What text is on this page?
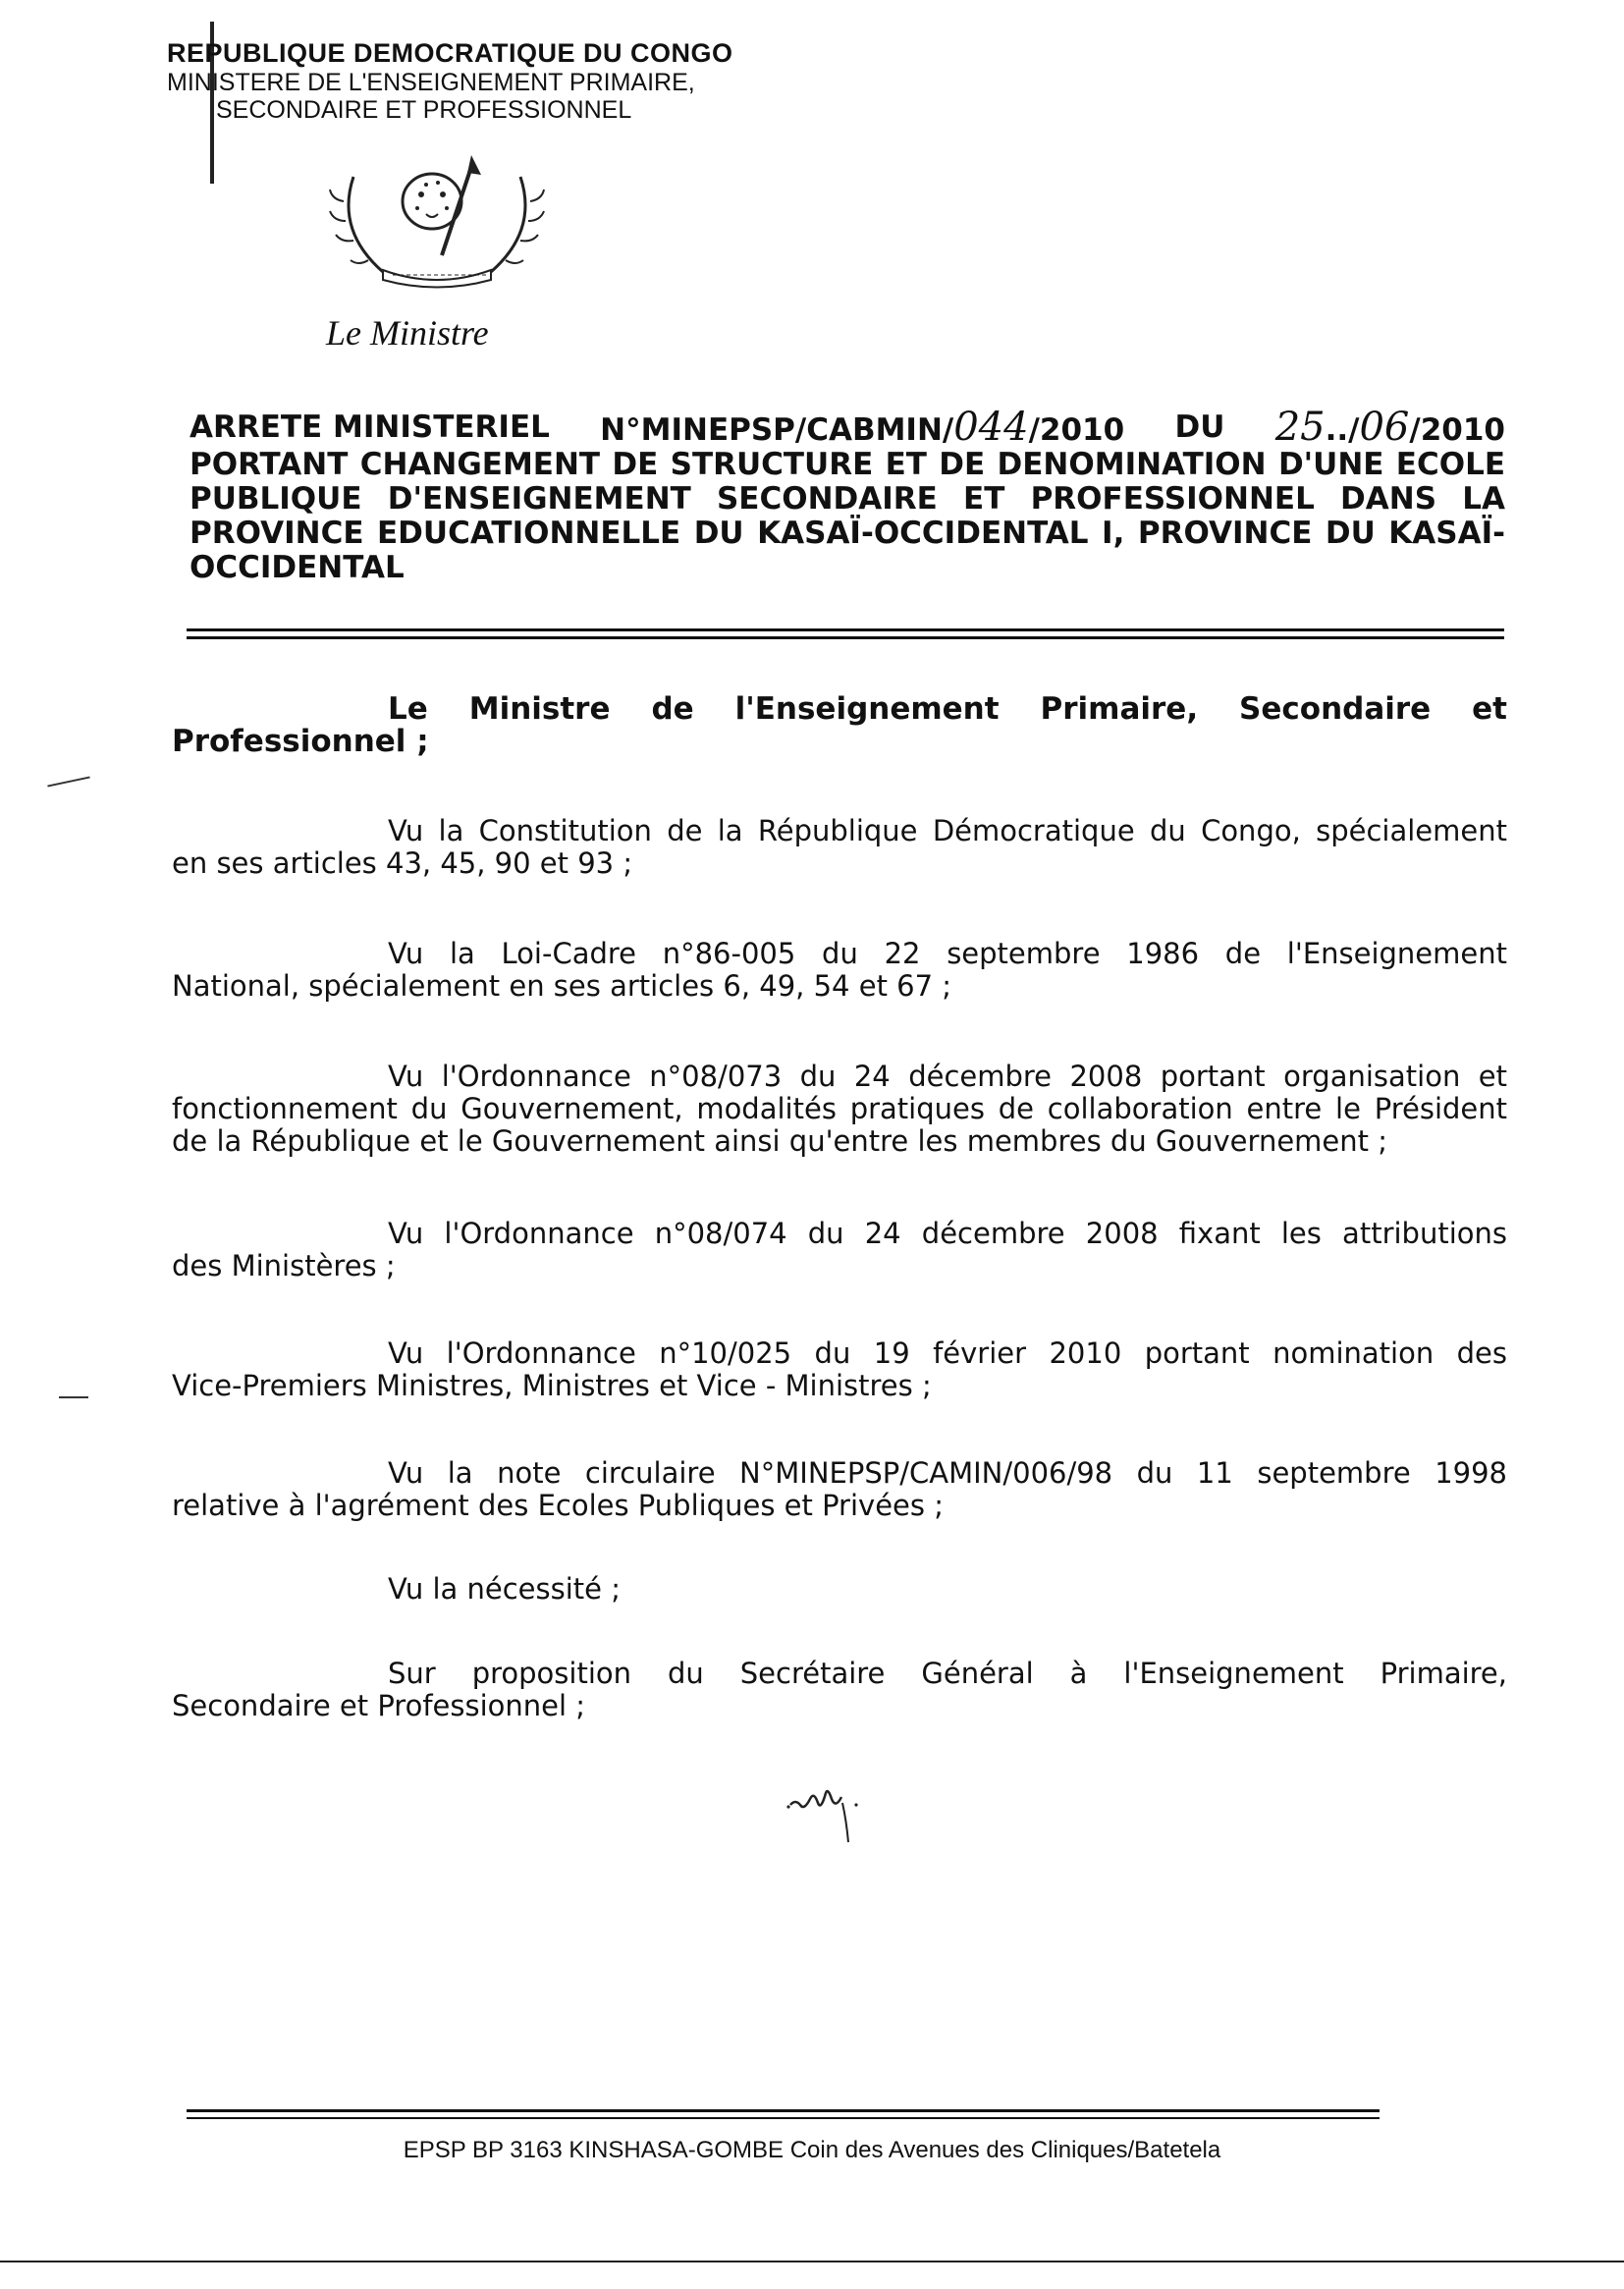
REPUBLIQUE DEMOCRATIQUE DU CONGO
MINISTERE DE L'ENSEIGNEMENT PRIMAIRE,
SECONDAIRE ET PROFESSIONNEL
Le Ministre
ARRETE MINISTERIEL N°MINEPSP/CABMIN/044/2010 DU 25../06/2010
PORTANT CHANGEMENT DE STRUCTURE ET DE DENOMINATION D'UNE ECOLE
PUBLIQUE D'ENSEIGNEMENT SECONDAIRE ET PROFESSIONNEL DANS LA
PROVINCE EDUCATIONNELLE DU KASAÏ-OCCIDENTAL I, PROVINCE DU KASAÏ-
OCCIDENTAL
Le Ministre de l'Enseignement Primaire, Secondaire et
Professionnel ;
Vu la Constitution de la République Démocratique du Congo, spécialement
en ses articles 43, 45, 90 et 93 ;
Vu la Loi-Cadre n°86-005 du 22 septembre 1986 de l'Enseignement
National, spécialement en ses articles 6, 49, 54 et 67 ;
Vu l'Ordonnance n°08/073 du 24 décembre 2008 portant organisation et
fonctionnement du Gouvernement, modalités pratiques de collaboration entre le Président
de la République et le Gouvernement ainsi qu'entre les membres du Gouvernement ;
Vu l'Ordonnance n°08/074 du 24 décembre 2008 fixant les attributions
des Ministères ;
Vu l'Ordonnance n°10/025 du 19 février 2010 portant nomination des
Vice-Premiers Ministres, Ministres et Vice - Ministres ;
Vu la note circulaire N°MINEPSP/CAMIN/006/98 du 11 septembre 1998
relative à l'agrément des Ecoles Publiques et Privées ;
Vu la nécessité ;
Sur proposition du Secrétaire Général à l'Enseignement Primaire,
Secondaire et Professionnel ;
EPSP BP 3163 KINSHASA-GOMBE Coin des Avenues des Cliniques/Batetela
